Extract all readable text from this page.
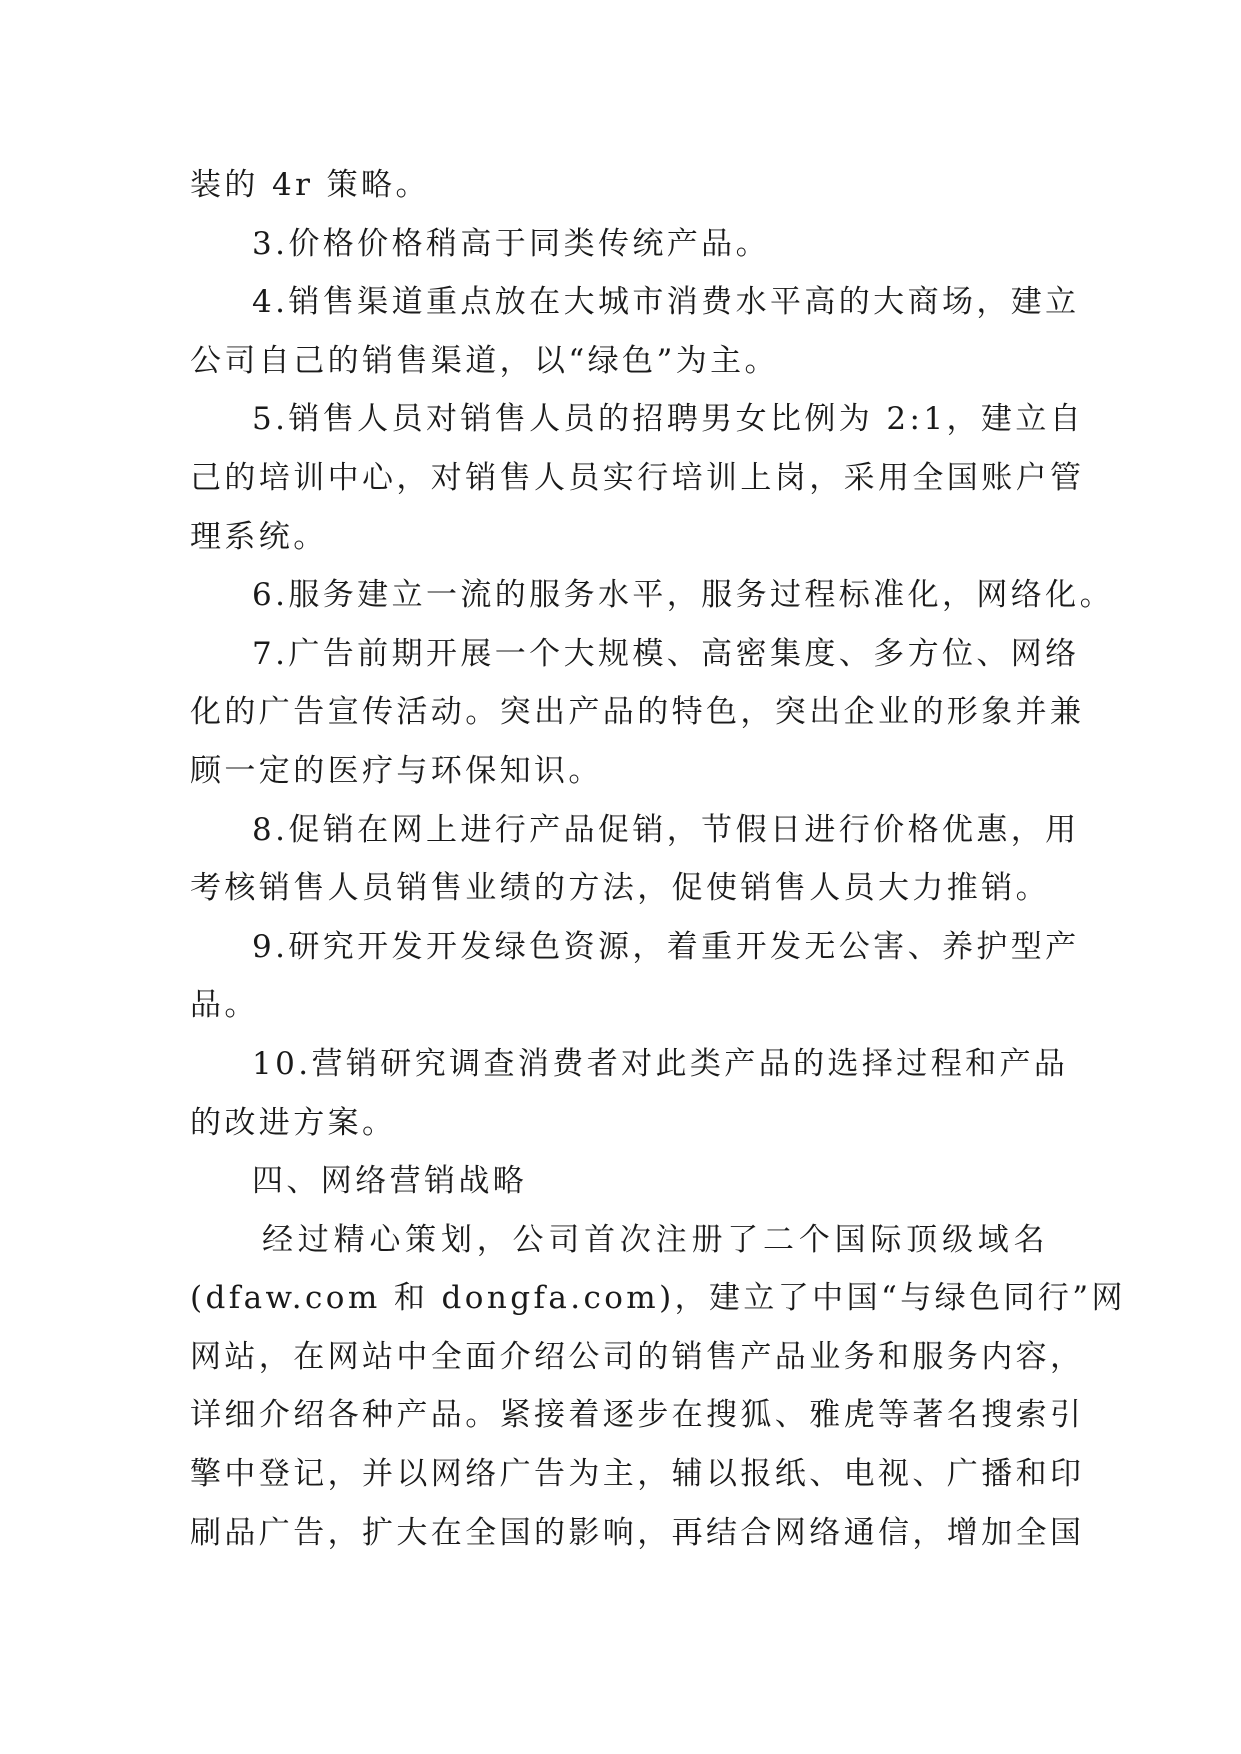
装的 4r 策略。
3.价格价格稍高于同类传统产品。
4.销售渠道重点放在大城市消费水平高的大商场，建立
公司自己的销售渠道，以“绿色”为主。
5.销售人员对销售人员的招聘男女比例为 2:1，建立自
己的培训中心，对销售人员实行培训上岗，采用全国账户管
理系统。
6.服务建立一流的服务水平，服务过程标准化，网络化。
7.广告前期开展一个大规模、高密集度、多方位、网络
化的广告宣传活动。突出产品的特色，突出企业的形象并兼
顾一定的医疗与环保知识。
8.促销在网上进行产品促销，节假日进行价格优惠，用
考核销售人员销售业绩的方法，促使销售人员大力推销。
9.研究开发开发绿色资源，着重开发无公害、养护型产
品。
10.营销研究调查消费者对此类产品的选择过程和产品
的改进方案。
四、网络营销战略
经过精心策划，公司首次注册了二个国际顶级域名
(dfaw.com 和 dongfa.com)，建立了中国“与绿色同行”网
网站，在网站中全面介绍公司的销售产品业务和服务内容，
详细介绍各种产品。紧接着逐步在搜狐、雅虎等著名搜索引
擎中登记，并以网络广告为主，辅以报纸、电视、广播和印
刷品广告，扩大在全国的影响，再结合网络通信，增加全国
